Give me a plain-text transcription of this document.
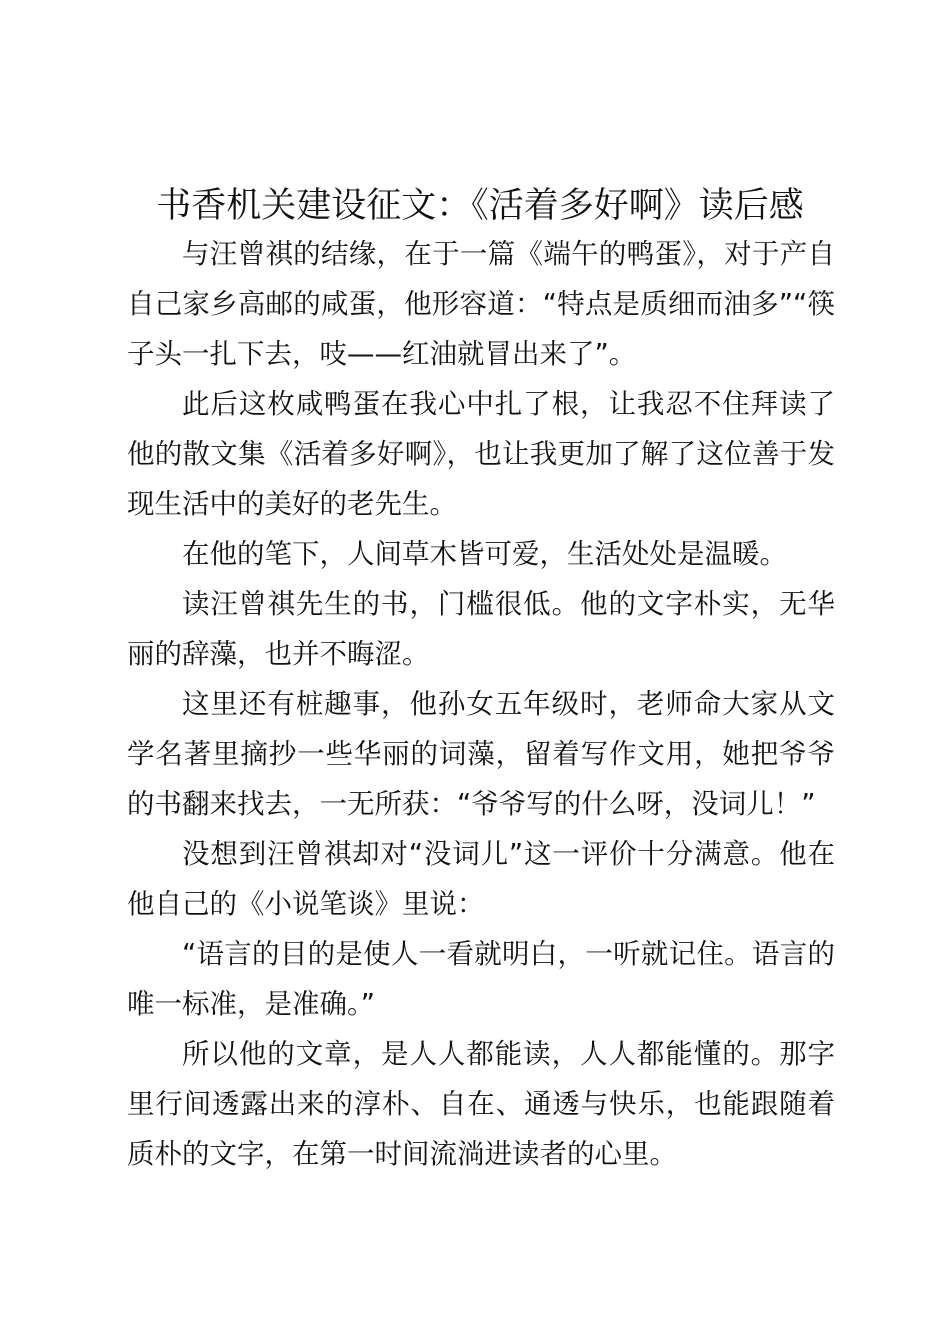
书香机关建设征文：《活着多好啊》读后感

与汪曾祺的结缘，在于一篇《端午的鸭蛋》，对于产自自己家乡高邮的咸蛋，他形容道：“特点是质细而油多”“筷子头一扎下去，吱——红油就冒出来了”。

此后这枚咸鸭蛋在我心中扎了根，让我忍不住拜读了他的散文集《活着多好啊》，也让我更加了解了这位善于发现生活中的美好的老先生。

在他的笔下，人间草木皆可爱，生活处处是温暖。

读汪曾祺先生的书，门槛很低。他的文字朴实，无华丽的辞藻，也并不晦涩。

这里还有桩趣事，他孙女五年级时，老师命大家从文学名著里摘抄一些华丽的词藻，留着写作文用，她把爷爷的书翻来找去，一无所获：“爷爷写的什么呀，没词儿！”

没想到汪曾祺却对“没词儿”这一评价十分满意。他在他自己的《小说笔谈》里说：

“语言的目的是使人一看就明白，一听就记住。语言的唯一标准，是准确。”

所以他的文章，是人人都能读，人人都能懂的。那字里行间透露出来的淳朴、自在、通透与快乐，也能跟随着质朴的文字，在第一时间流淌进读者的心里。
